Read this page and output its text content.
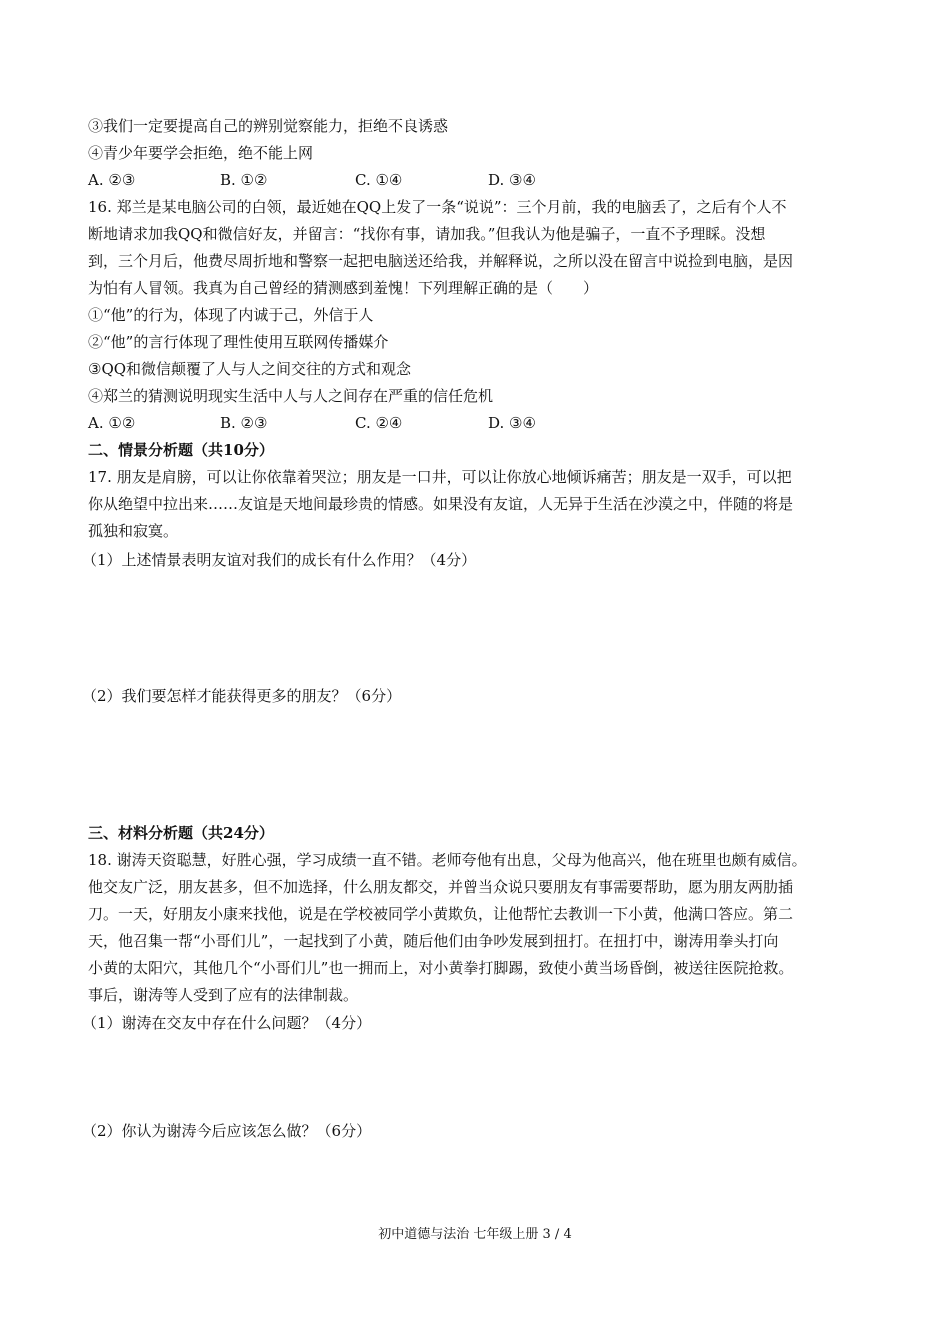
③我们一定要提高自己的辨别觉察能力，拒绝不良诱惑
④青少年要学会拒绝，绝不能上网
A. ②③	B. ①②	C. ①④	D. ③④
16. 郑兰是某电脑公司的白领，最近她在QQ上发了一条“说说”：三个月前，我的电脑丢了，之后有个人不
断地请求加我QQ和微信好友，并留言：“找你有事，请加我。”但我认为他是骗子，一直不予理睬。没想
到，三个月后，他费尽周折地和警察一起把电脑送还给我，并解释说，之所以没在留言中说捡到电脑，是因
为怕有人冒领。我真为自己曾经的猜测感到羞愧！下列理解正确的是（　　）
①“他”的行为，体现了内诚于己，外信于人
②“他”的言行体现了理性使用互联网传播媒介
③QQ和微信颠覆了人与人之间交往的方式和观念
④郑兰的猜测说明现实生活中人与人之间存在严重的信任危机
A. ①②	B. ②③	C. ②④	D. ③④
二、情景分析题（共10分）
17. 朋友是肩膀，可以让你依靠着哭泣；朋友是一口井，可以让你放心地倾诉痛苦；朋友是一双手，可以把
你从绝望中拉出来……友谊是天地间最珍贵的情感。如果没有友谊，人无异于生活在沙漠之中，伴随的将是
孤独和寂寞。
（1）上述情景表明友谊对我们的成长有什么作用？（4分）
（2）我们要怎样才能获得更多的朋友？（6分）
三、材料分析题（共24分）
18. 谢涛天资聪慧，好胜心强，学习成绩一直不错。老师夸他有出息，父母为他高兴，他在班里也颇有威信。
他交友广泛，朋友甚多，但不加选择，什么朋友都交，并曾当众说只要朋友有事需要帮助，愿为朋友两肋插
刀。一天，好朋友小康来找他，说是在学校被同学小黄欺负，让他帮忙去教训一下小黄，他满口答应。第二
天，他召集一帮“小哥们儿”，一起找到了小黄，随后他们由争吵发展到扭打。在扭打中，谢涛用拳头打向
小黄的太阳穴，其他几个“小哥们儿”也一拥而上，对小黄拳打脚踢，致使小黄当场昏倒，被送往医院抢救。
事后，谢涛等人受到了应有的法律制裁。
（1）谢涛在交友中存在什么问题？（4分）
（2）你认为谢涛今后应该怎么做？（6分）
初中道德与法治 七年级上册 3 / 4
